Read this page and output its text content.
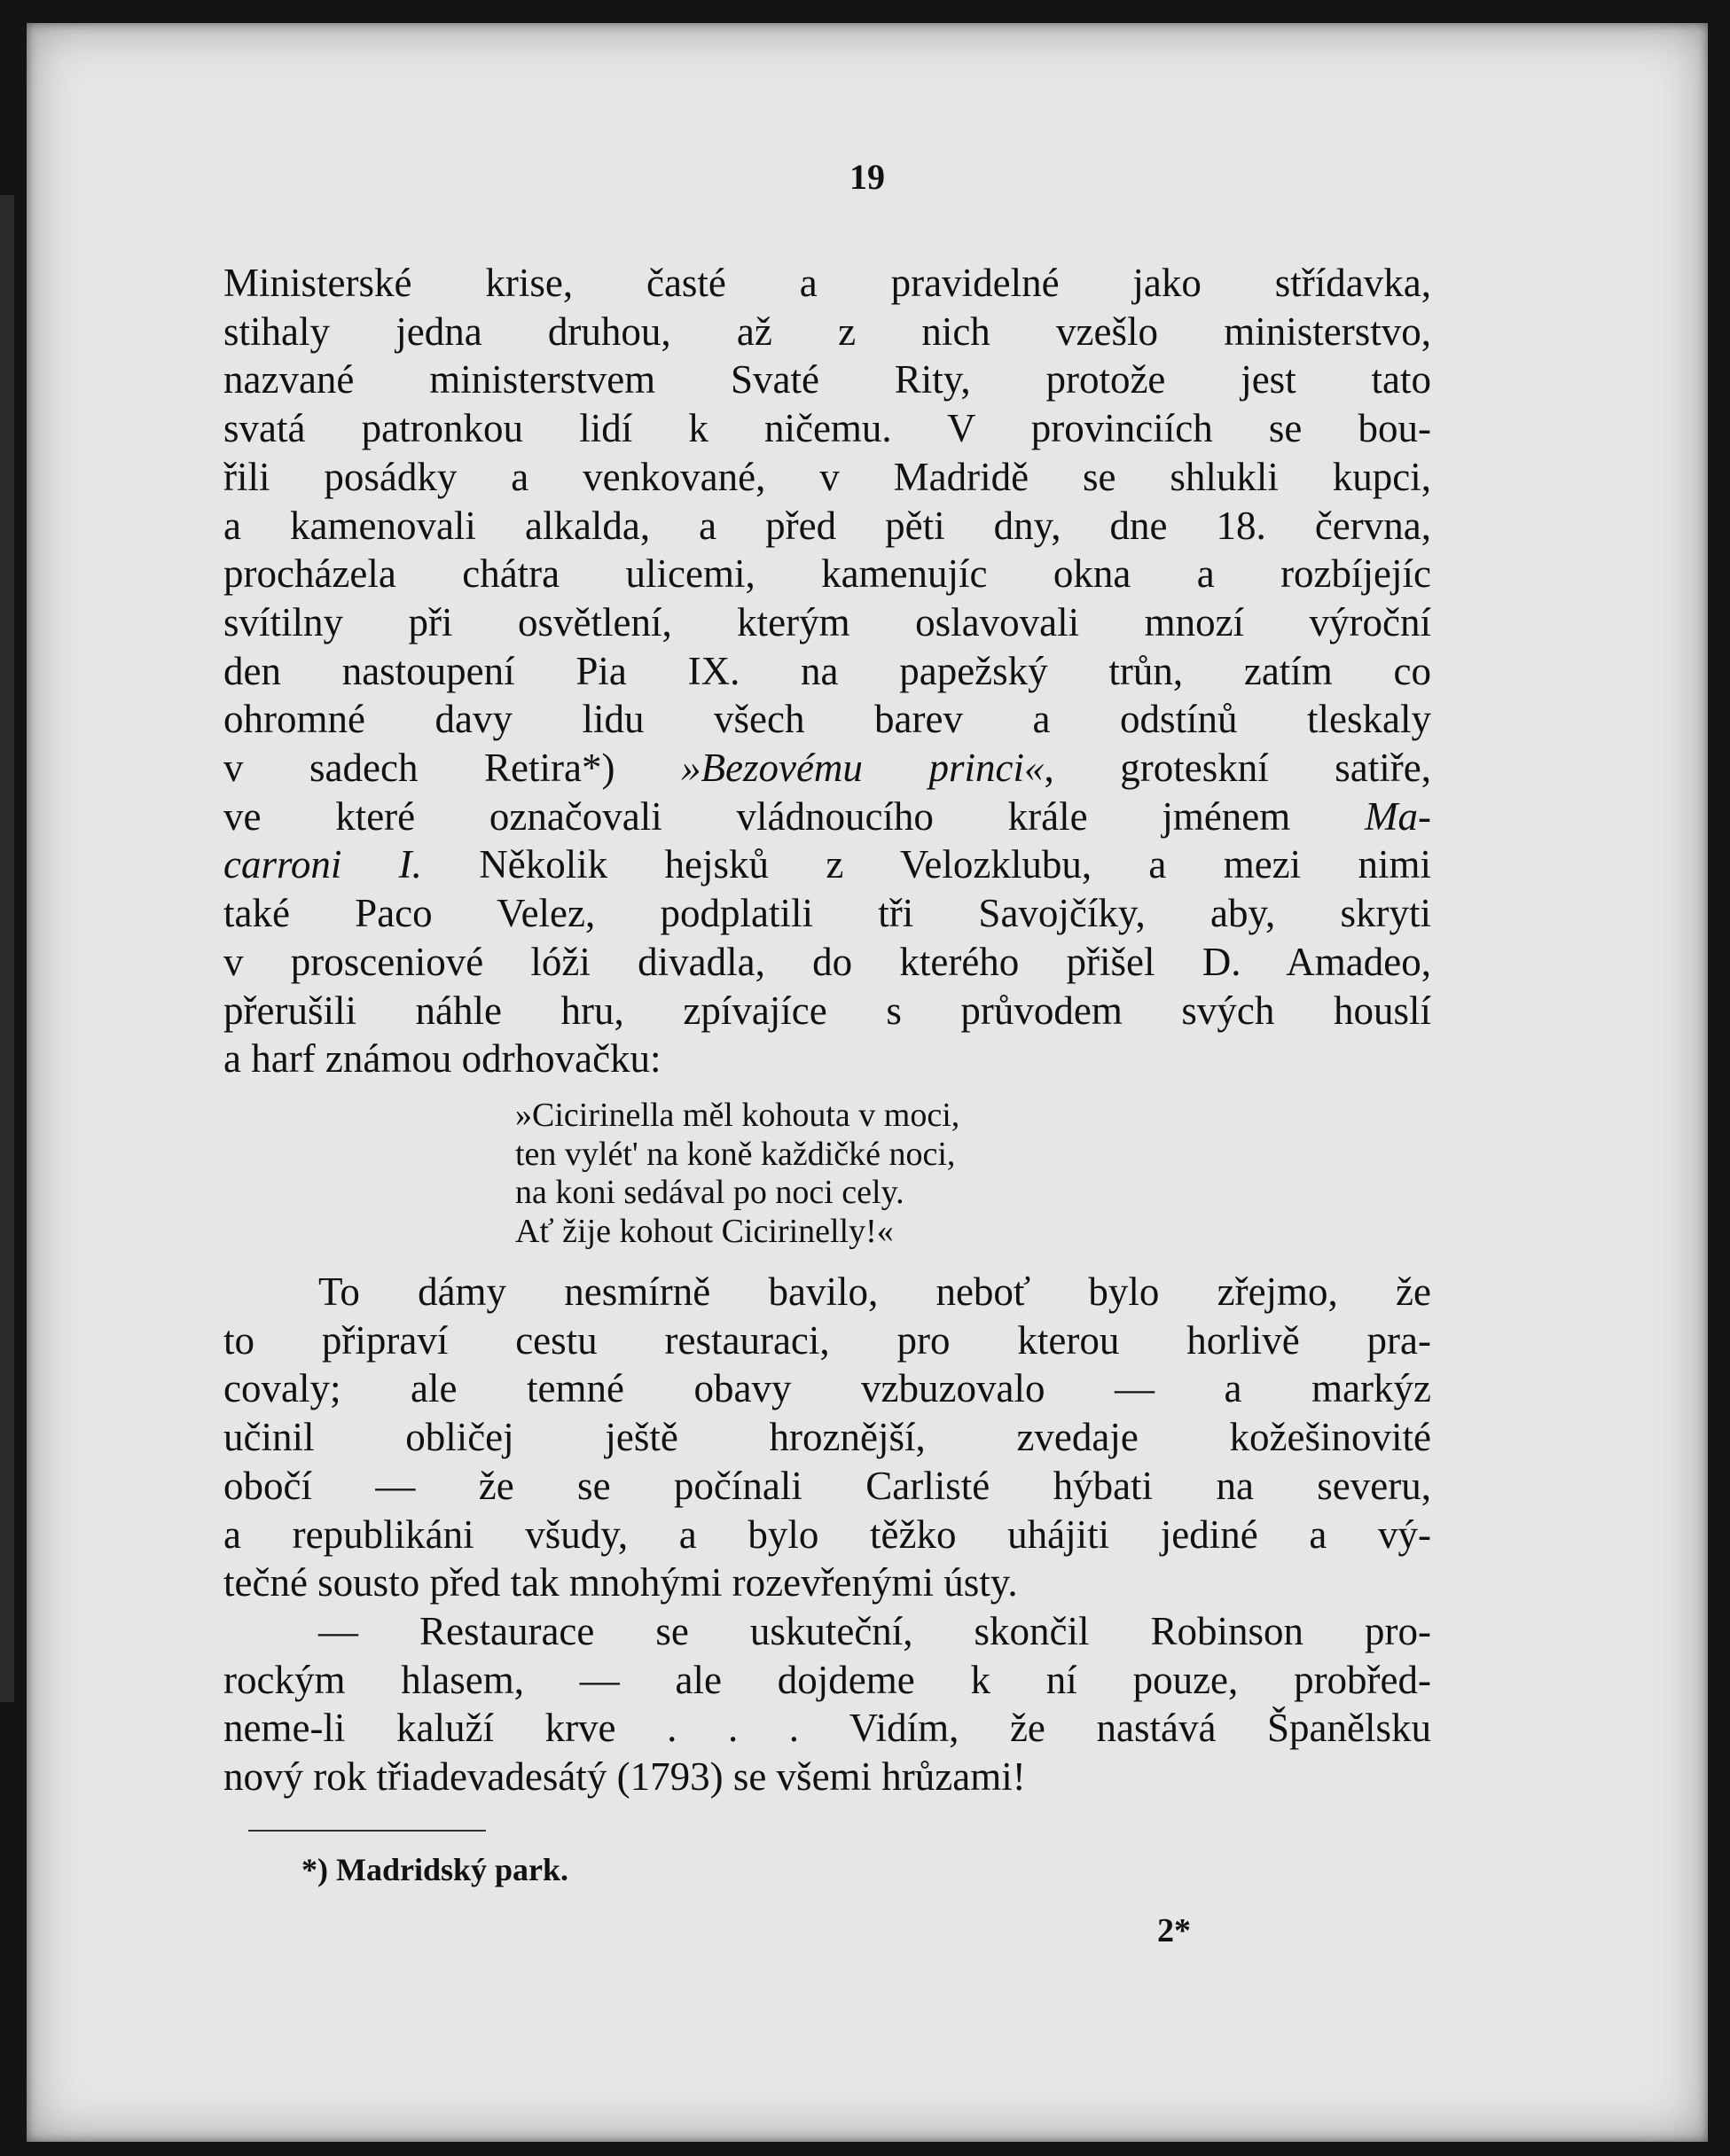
19
Ministerské krise, časté a pravidelné jako střídavka,
stihaly jedna druhou, až z nich vzešlo ministerstvo,
nazvané ministerstvem Svaté Rity, protože jest tato
svatá patronkou lidí k ničemu. V provinciích se bou-
řili posádky a venkované, v Madridě se shlukli kupci,
a kamenovali alkalda, a před pěti dny, dne 18. června,
procházela chátra ulicemi, kamenujíc okna a rozbíjejíc
svítilny při osvětlení, kterým oslavovali mnozí výroční
den nastoupení Pia IX. na papežský trůn, zatím co
ohromné davy lidu všech barev a odstínů tleskaly
v sadech Retira*) »Bezovému princi«, groteskní satiře,
ve které označovali vládnoucího krále jménem Ma-
carroni I. Několik hejsků z Velozklubu, a mezi nimi
také Paco Velez, podplatili tři Savojčíky, aby, skryti
v prosceniové lóži divadla, do kterého přišel D. Amadeo,
přerušili náhle hru, zpívajíce s průvodem svých houslí
a harf známou odrhovačku:
»Cicirinella měl kohouta v moci,
ten vylét' na koně každičké noci,
na koni sedával po noci cely.
Ať žije kohout Cicirinelly!«
To dámy nesmírně bavilo, neboť bylo zřejmo, že
to připraví cestu restauraci, pro kterou horlivě pra-
covaly; ale temné obavy vzbuzovalo — a markýz
učinil obličej ještě hroznější, zvedaje kožešinovité
obočí — že se počínali Carlisté hýbati na severu,
a republikáni všudy, a bylo těžko uhájiti jediné a vý-
tečné sousto před tak mnohými rozevřenými ústy.
— Restaurace se uskuteční, skončil Robinson pro-
rockým hlasem, — ale dojdeme k ní pouze, probřed-
neme-li kaluží krve . . . Vidím, že nastává Španělsku
nový rok třiadevadesátý (1793) se všemi hrůzami!
*) Madridský park.
2*
